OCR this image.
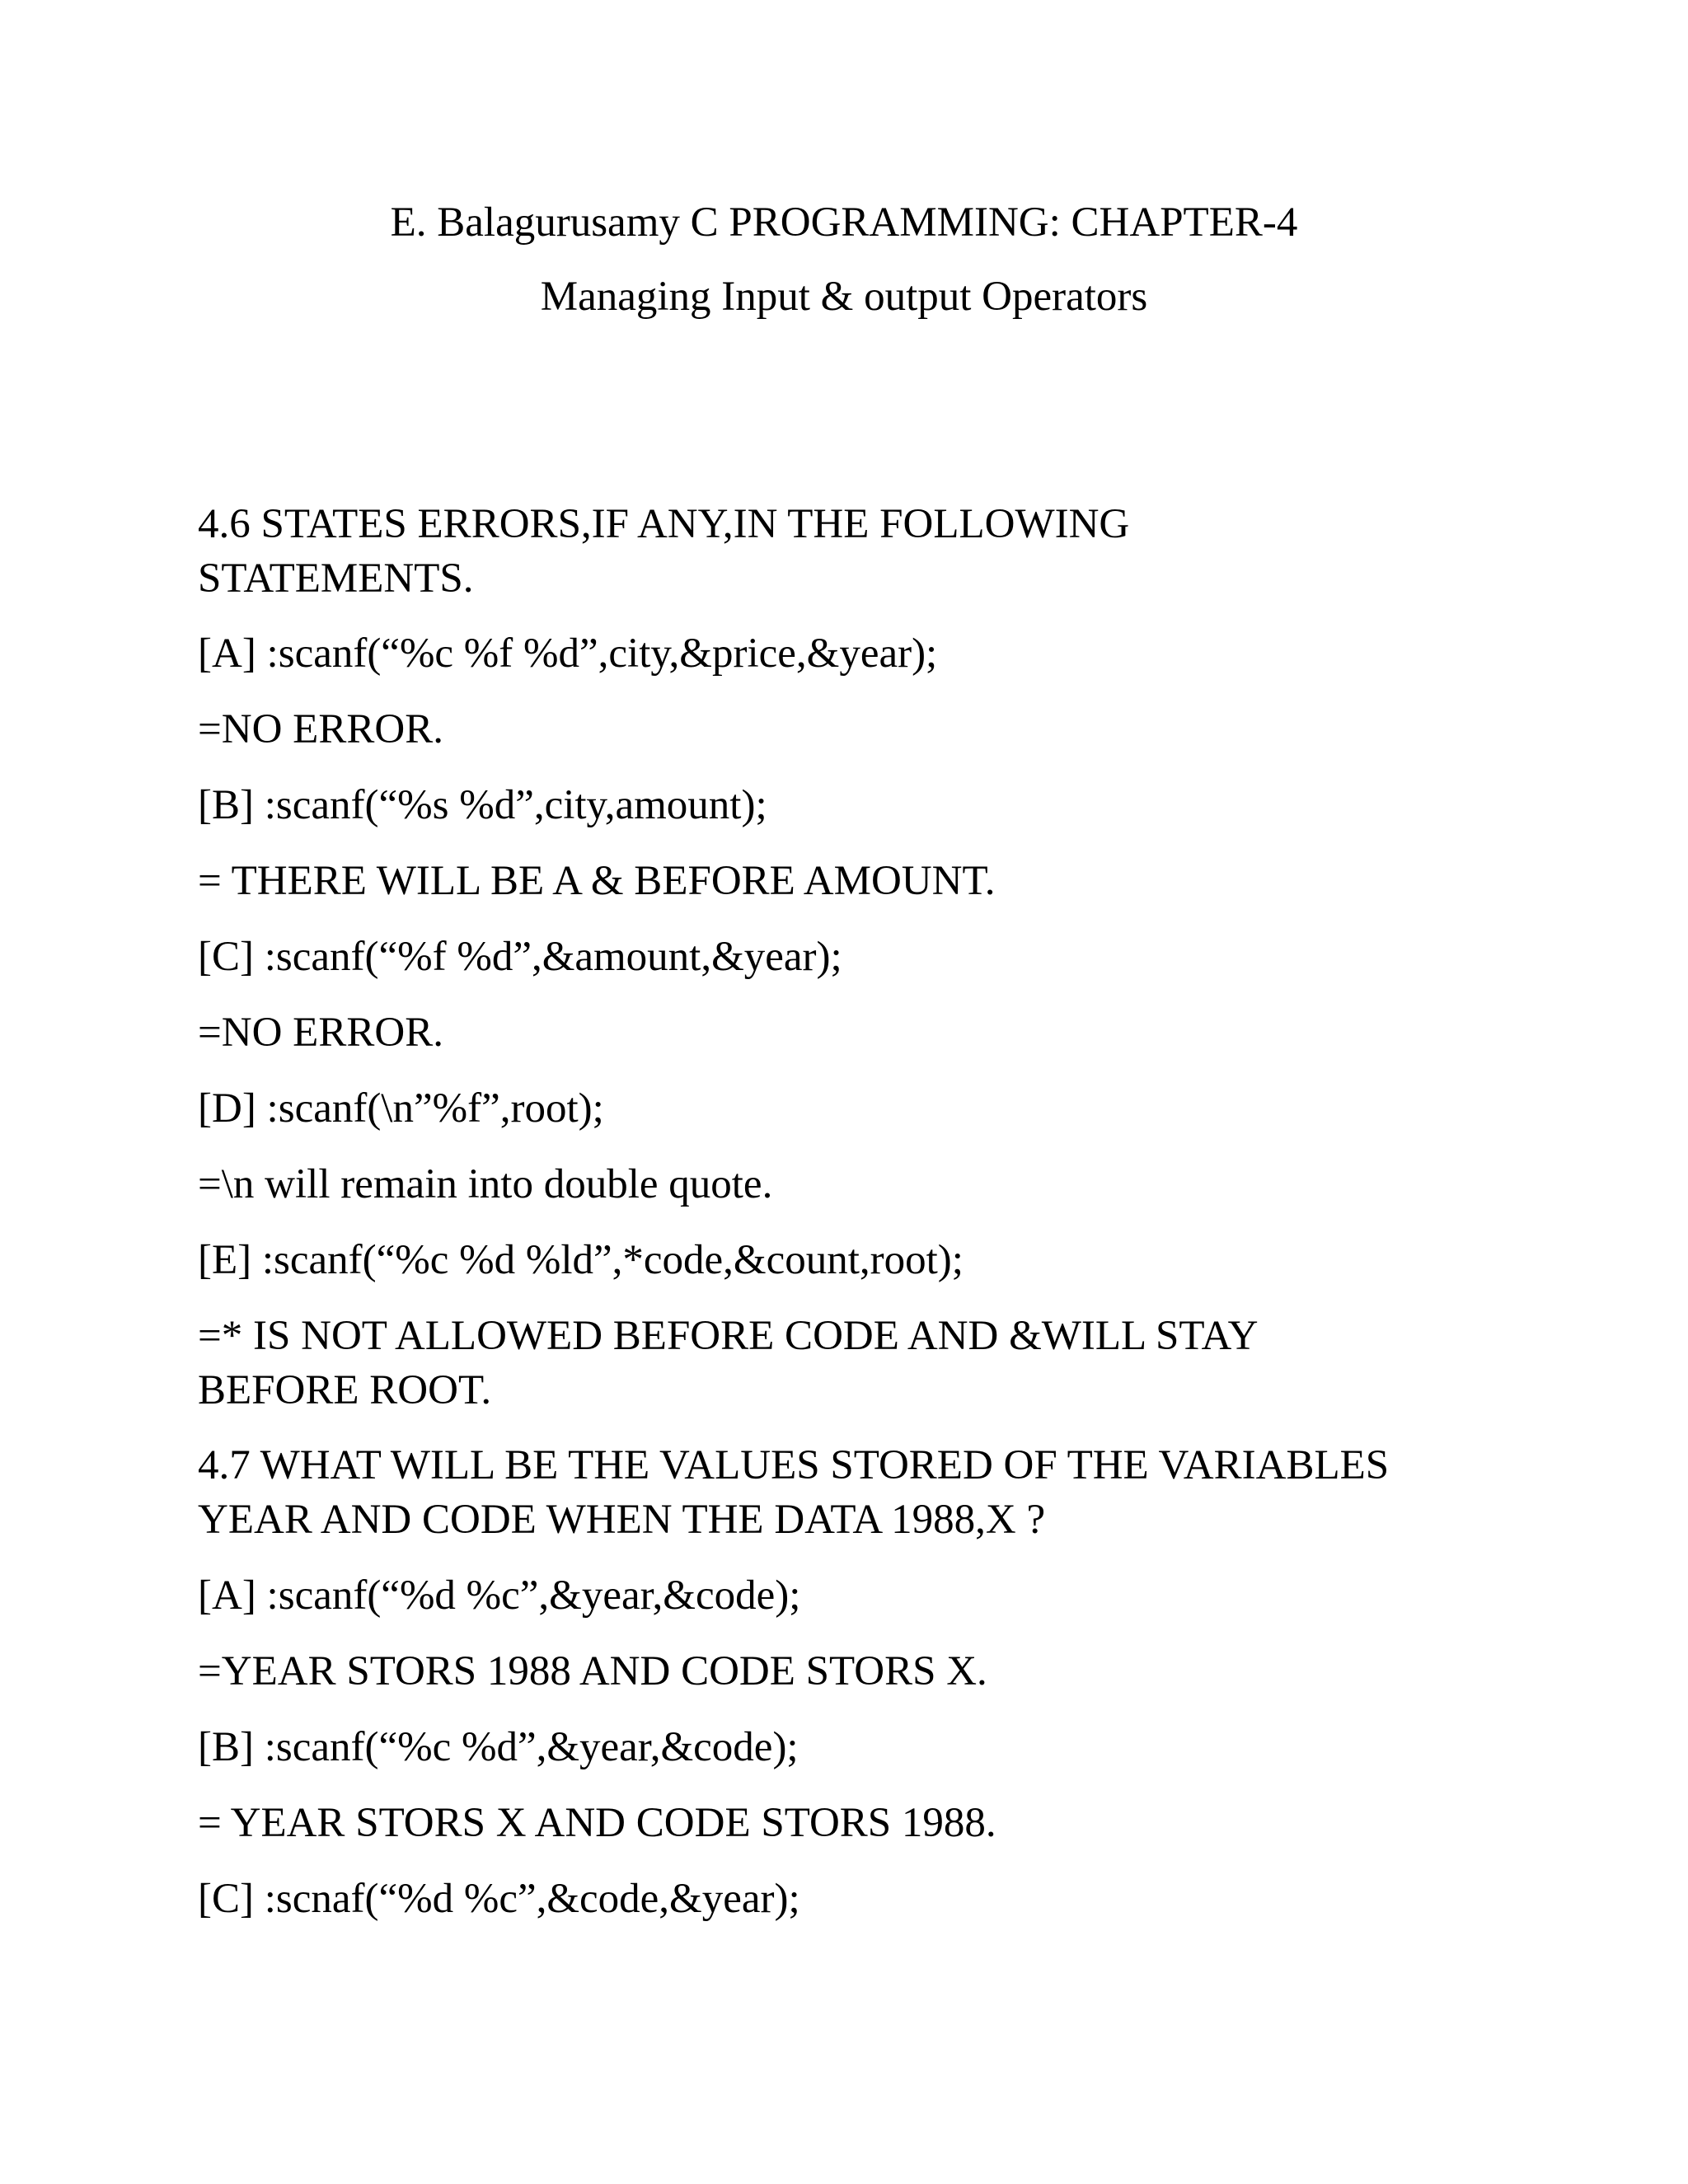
E. Balagurusamy C PROGRAMMING: CHAPTER-4
Managing Input & output Operators
4.6 STATES ERRORS,IF ANY,IN THE FOLLOWING
STATEMENTS.
[A] :scanf(“%c %f %d”,city,&price,&year);
=NO ERROR.
[B] :scanf(“%s %d”,city,amount);
= THERE WILL BE A & BEFORE AMOUNT.
[C] :scanf(“%f %d”,&amount,&year);
=NO ERROR.
[D] :scanf(\n”%f”,root);
=\n will remain into double quote.
[E] :scanf(“%c %d %ld”,*code,&count,root);
=* IS NOT ALLOWED BEFORE CODE AND &WILL STAY
BEFORE ROOT.
4.7 WHAT WILL BE THE VALUES STORED OF THE VARIABLES
YEAR AND CODE WHEN THE DATA 1988,X ?
[A] :scanf(“%d %c”,&year,&code);
=YEAR STORS 1988 AND CODE STORS X.
[B] :scanf(“%c %d”,&year,&code);
= YEAR STORS X AND CODE STORS 1988.
[C] :scnaf(“%d %c”,&code,&year);
